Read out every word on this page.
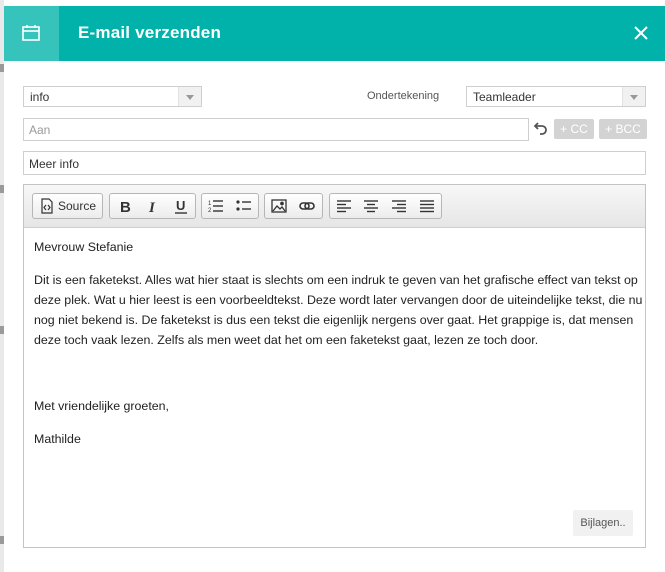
E-mail verzenden
info	Ondertekening	Teamleader
Aan	+ CC	+ BCC
Meer info
Source B I U	1
2

Mevrouw Stefanie

Dit is een faketekst. Alles wat hier staat is slechts om een indruk te geven van het grafische effect van tekst op deze plek. Wat u hier leest is een voorbeeldtekst. Deze wordt later vervangen door de uiteindelijke tekst, die nu nog niet bekend is. De faketekst is dus een tekst die eigenlijk nergens over gaat. Het grappige is, dat mensen deze toch vaak lezen. Zelfs als men weet dat het om een faketekst gaat, lezen ze toch door.

Met vriendelijke groeten,

Mathilde

Bijlagen..
